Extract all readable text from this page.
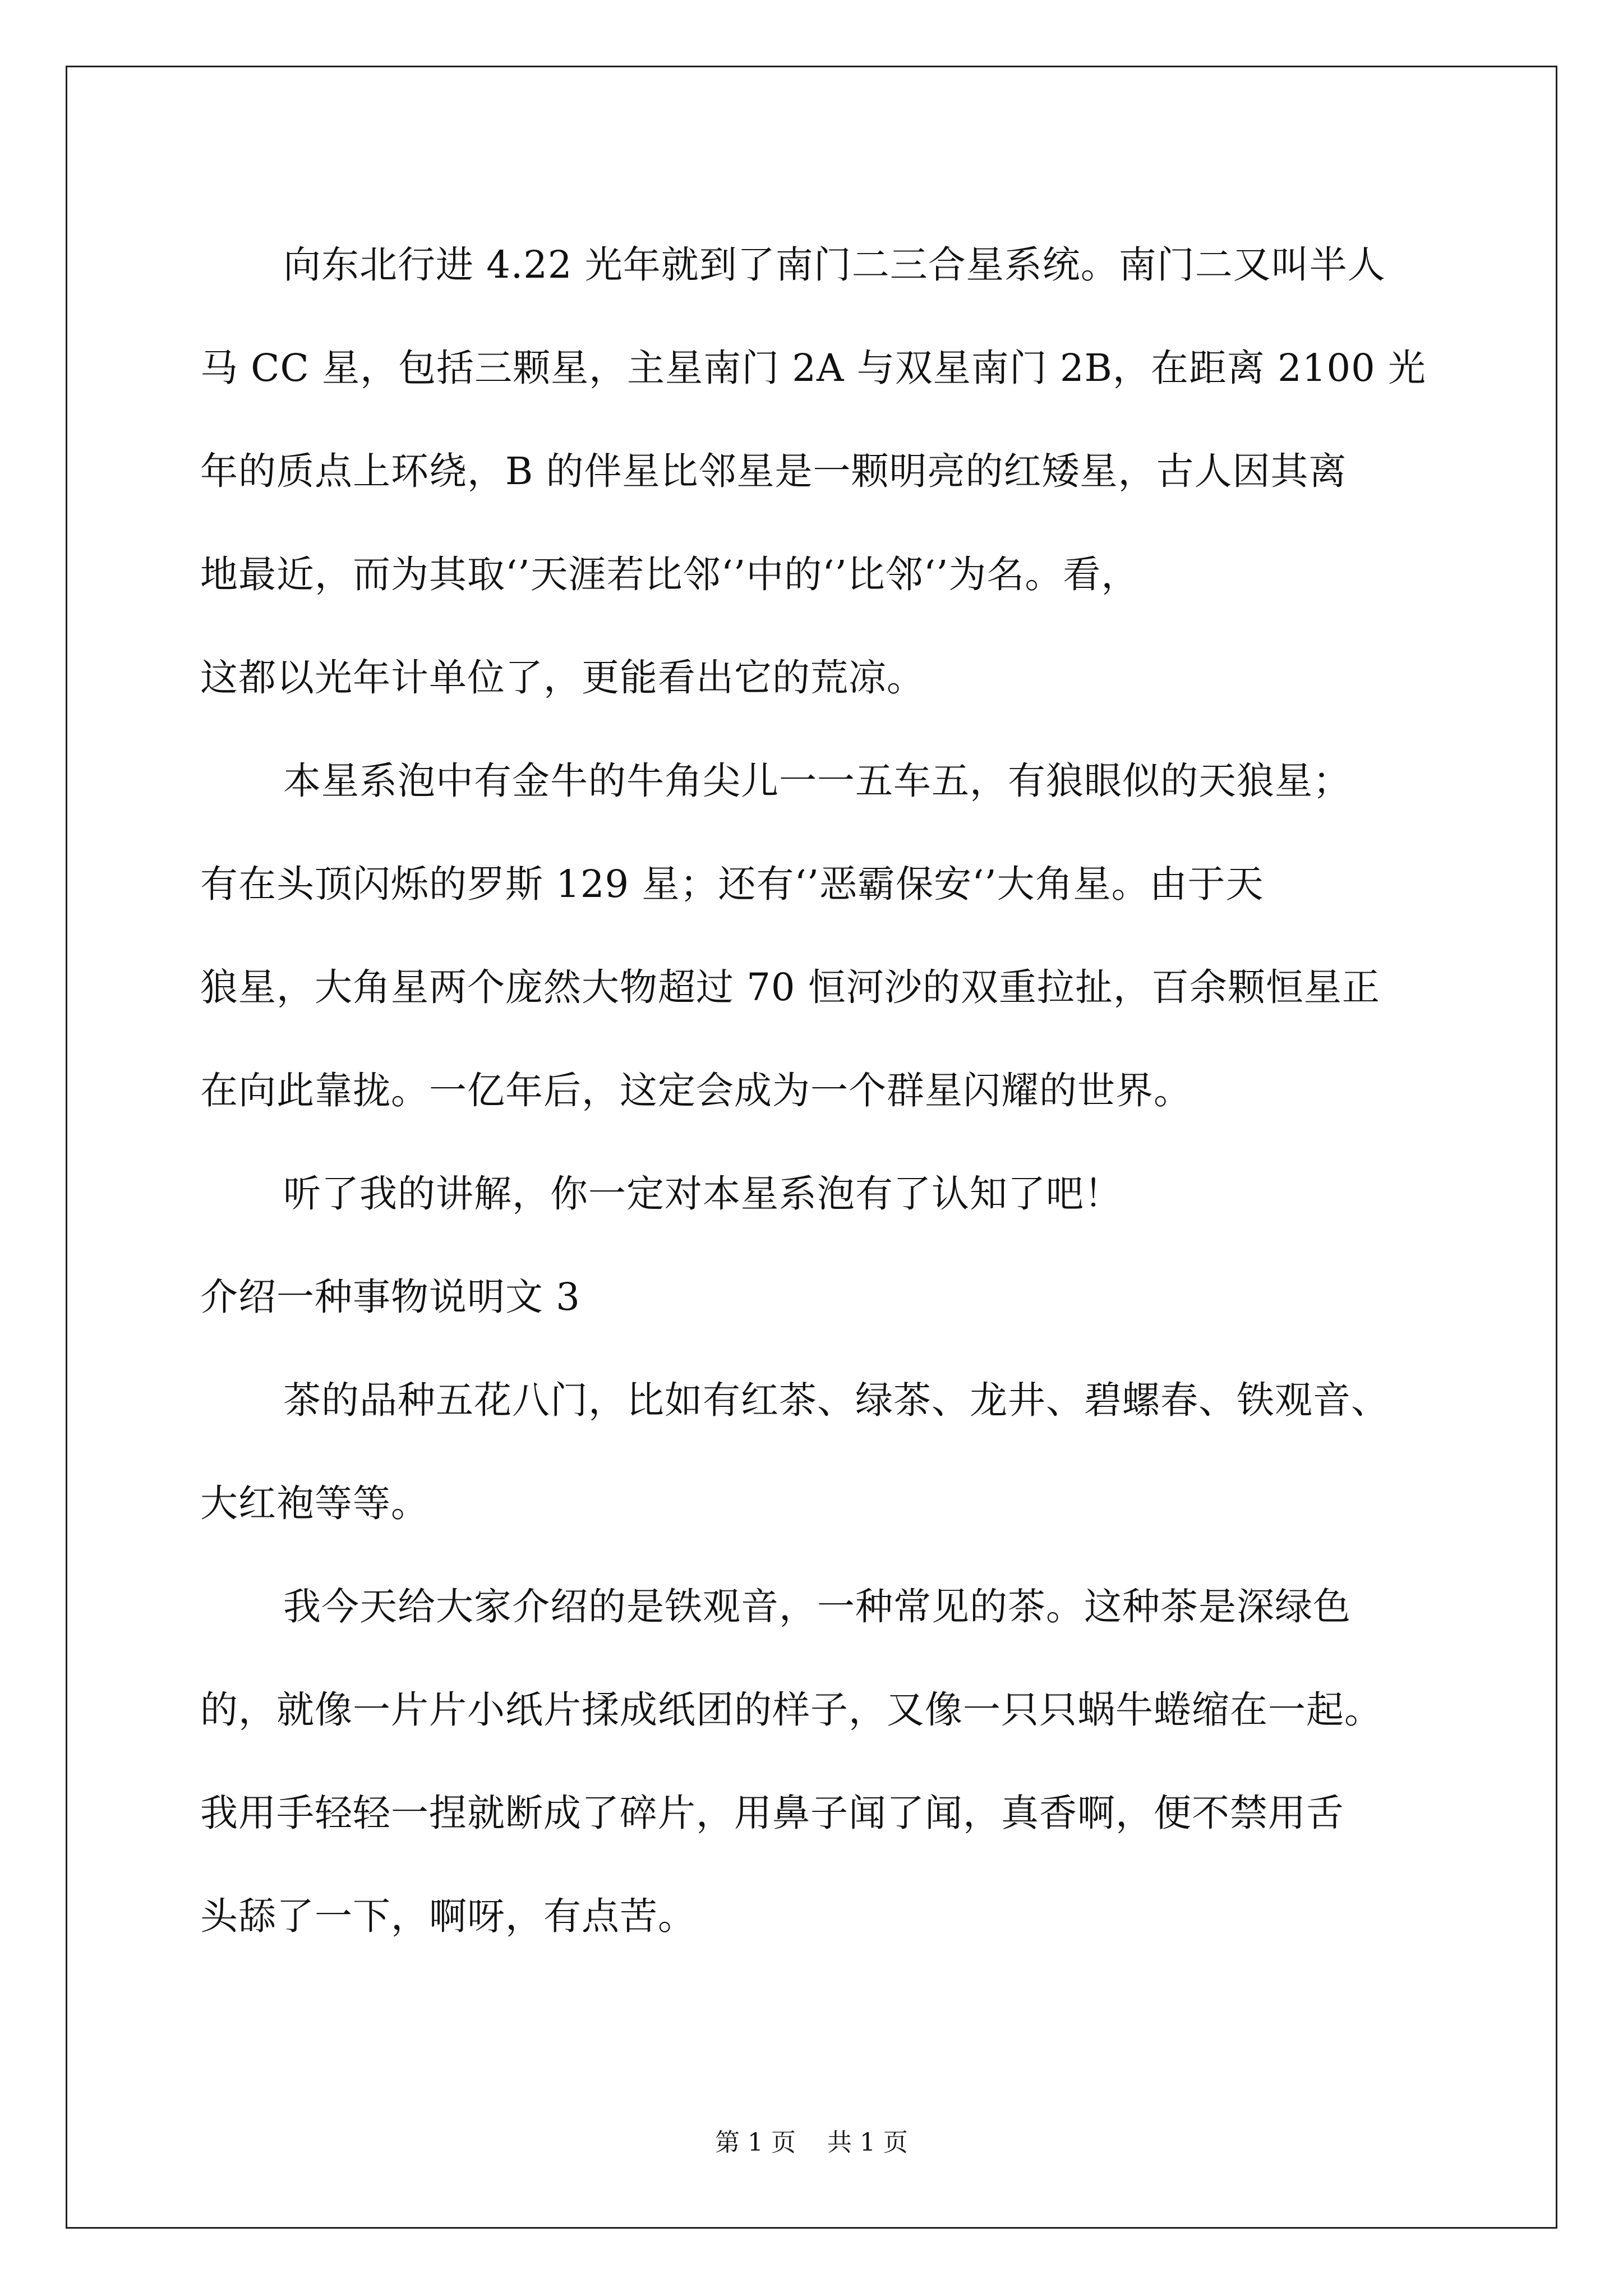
向东北行进 4.22 光年就到了南门二三合星系统。南门二又叫半人
马 CC 星，包括三颗星，主星南门 2A 与双星南门 2B，在距离 2100 光
年的质点上环绕，B 的伴星比邻星是一颗明亮的红矮星，古人因其离
地最近，而为其取‘’天涯若比邻‘’中的‘’比邻‘’为名。看，
这都以光年计单位了，更能看出它的荒凉。
本星系泡中有金牛的牛角尖儿一一五车五，有狼眼似的天狼星；
有在头顶闪烁的罗斯 129 星；还有‘’恶霸保安‘’大角星。由于天
狼星，大角星两个庞然大物超过 70 恒河沙的双重拉扯，百余颗恒星正
在向此靠拢。一亿年后，这定会成为一个群星闪耀的世界。
听了我的讲解，你一定对本星系泡有了认知了吧！
介绍一种事物说明文 3
茶的品种五花八门，比如有红茶、绿茶、龙井、碧螺春、铁观音、
大红袍等等。
我今天给大家介绍的是铁观音，一种常见的茶。这种茶是深绿色
的，就像一片片小纸片揉成纸团的样子，又像一只只蜗牛蜷缩在一起。
我用手轻轻一捏就断成了碎片，用鼻子闻了闻，真香啊，便不禁用舌
头舔了一下，啊呀，有点苦。
第 1 页 共 1 页
